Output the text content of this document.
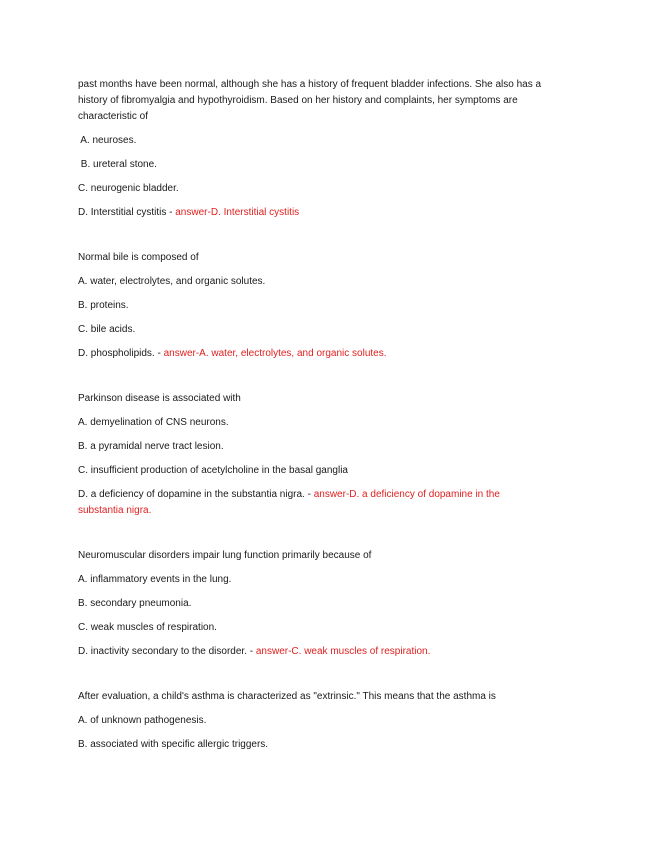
past months have been normal, although she has a history of frequent bladder infections. She also has a
history of fibromyalgia and hypothyroidism. Based on her history and complaints, her symptoms are
characteristic of
A. neuroses.
B. ureteral stone.
C. neurogenic bladder.
D. Interstitial cystitis - answer-D. Interstitial cystitis
Normal bile is composed of
A. water, electrolytes, and organic solutes.
B. proteins.
C. bile acids.
D. phospholipids. - answer-A. water, electrolytes, and organic solutes.
Parkinson disease is associated with
A. demyelination of CNS neurons.
B. a pyramidal nerve tract lesion.
C. insufficient production of acetylcholine in the basal ganglia
D. a deficiency of dopamine in the substantia nigra. - answer-D. a deficiency of dopamine in the
substantia nigra.
Neuromuscular disorders impair lung function primarily because of
A. inflammatory events in the lung.
B. secondary pneumonia.
C. weak muscles of respiration.
D. inactivity secondary to the disorder. - answer-C. weak muscles of respiration.
After evaluation, a child's asthma is characterized as "extrinsic." This means that the asthma is
A. of unknown pathogenesis.
B. associated with specific allergic triggers.
